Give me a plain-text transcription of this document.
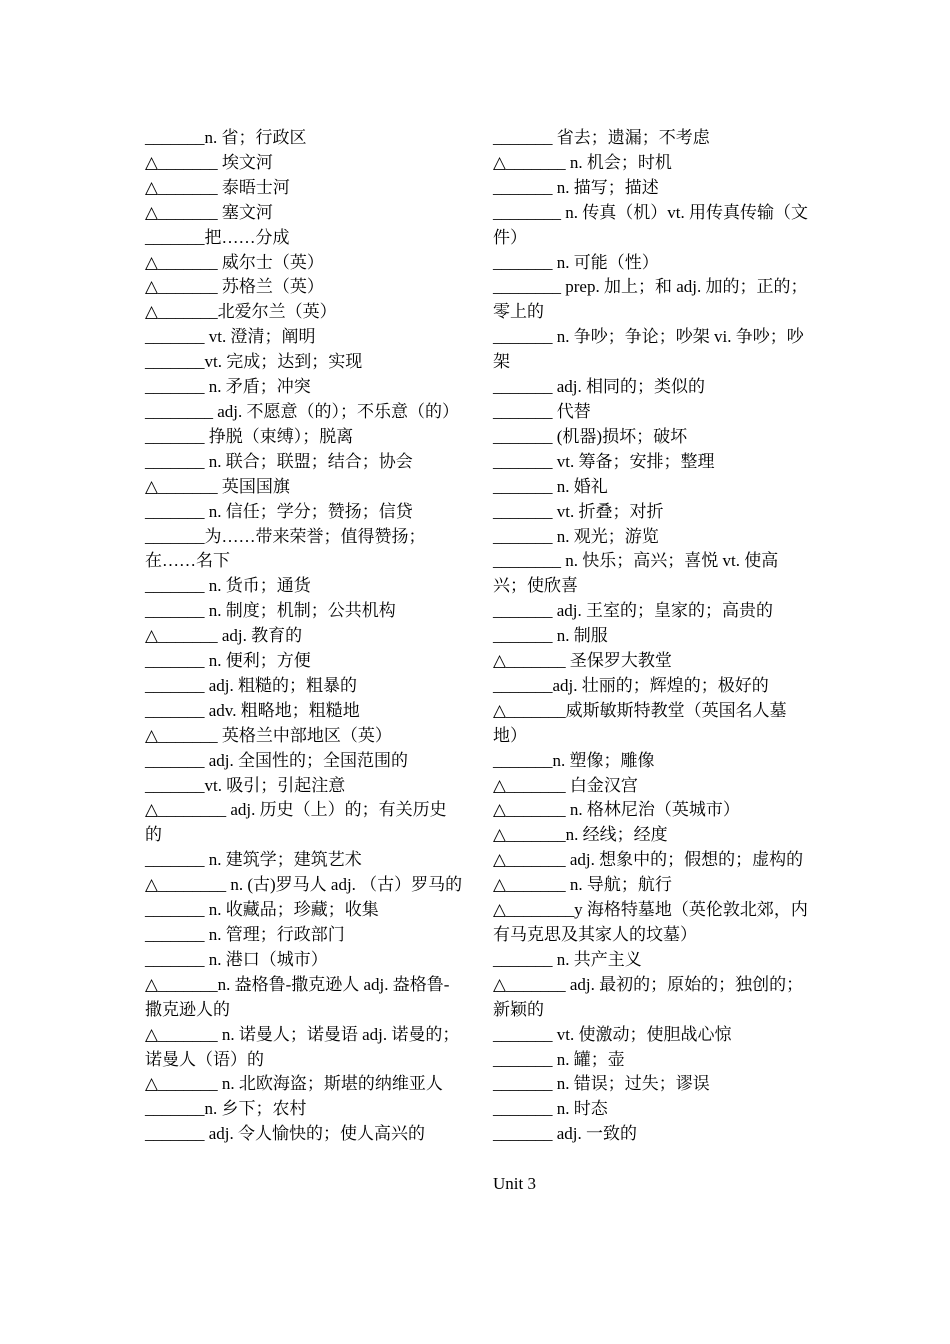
_______n. 省；行政区

△_______ 埃文河

△_______ 泰晤士河

△_______ 塞文河

_______把……分成

△_______ 威尔士（英）

△_______ 苏格兰（英）

△_______北爱尔兰（英）

_______ vt. 澄清；阐明

_______vt. 完成；达到；实现

_______ n. 矛盾；冲突

________ adj. 不愿意（的）；不乐意（的）

_______ 挣脱（束缚）；脱离

_______ n. 联合；联盟；结合；协会

△_______ 英国国旗

_______ n. 信任；学分；赞扬；信贷

_______为……带来荣誉；值得赞扬；在……名下

_______ n. 货币；通货

_______ n. 制度；机制；公共机构

△_______ adj. 教育的

_______ n. 便利；方便

_______ adj. 粗糙的；粗暴的

_______ adv. 粗略地；粗糙地

△_______ 英格兰中部地区（英）

_______ adj. 全国性的；全国范围的

_______vt. 吸引；引起注意

△________ adj. 历史（上）的；有关历史的

_______ n. 建筑学；建筑艺术

△________ n. (古)罗马人 adj. （古）罗马的

_______ n. 收藏品；珍藏；收集

_______ n. 管理；行政部门

_______ n. 港口（城市）

△_______n. 盎格鲁-撒克逊人 adj. 盎格鲁-撒克逊人的

△_______ n. 诺曼人；诺曼语 adj. 诺曼的；诺曼人（语）的

△_______ n. 北欧海盗；斯堪的纳维亚人

_______n. 乡下；农村

_______ adj. 令人愉快的；使人高兴的

_______ 省去；遗漏；不考虑

△_______ n. 机会；时机

_______ n. 描写；描述

________ n. 传真（机）vt. 用传真传输（文件）

_______ n. 可能（性）

________ prep. 加上；和 adj. 加的；正的；零上的

_______ n. 争吵；争论；吵架 vi. 争吵；吵架

_______ adj. 相同的；类似的

_______ 代替

_______ (机器)损坏；破坏

_______ vt. 筹备；安排；整理

_______ n. 婚礼

_______ vt. 折叠；对折

_______ n. 观光；游览

________ n. 快乐；高兴；喜悦 vt. 使高兴；使欣喜

_______ adj. 王室的；皇家的；高贵的

_______ n. 制服

△_______ 圣保罗大教堂

_______adj. 壮丽的；辉煌的；极好的

△_______威斯敏斯特教堂（英国名人墓地）

_______n. 塑像；雕像

△_______ 白金汉宫

△_______ n. 格林尼治（英城市）

△_______n. 经线；经度

△_______ adj. 想象中的；假想的；虚构的

△_______ n. 导航；航行

△________y 海格特墓地（英伦敦北郊，内有马克思及其家人的坟墓）

_______ n. 共产主义

△_______ adj. 最初的；原始的；独创的；新颖的

_______ vt. 使激动；使胆战心惊

_______ n. 罐；壶

_______ n. 错误；过失；谬误

_______ n. 时态

_______ adj. 一致的

Unit 3
